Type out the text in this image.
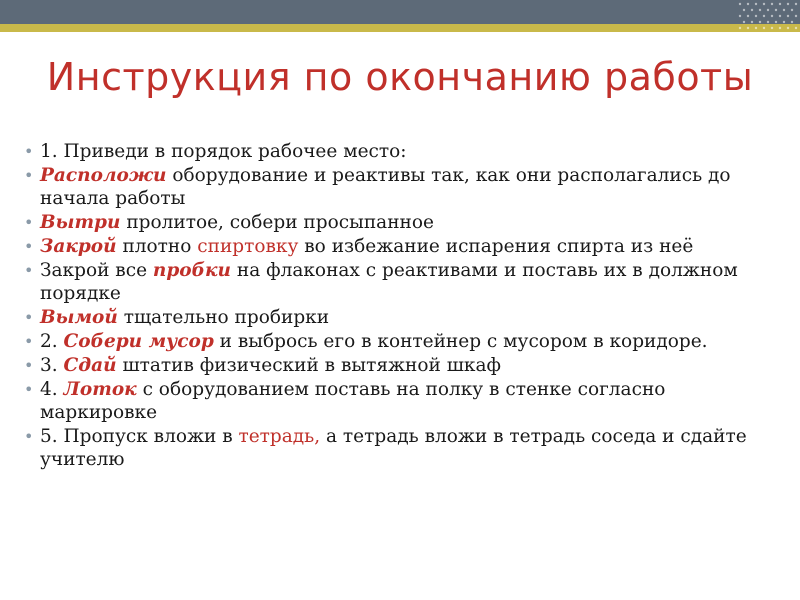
Инструкция по окончанию работы
• 1. Приведи в порядок рабочее место:
• Расположи оборудование и реактивы так, как они располагались до начала работы
• Вытри пролитое, собери просыпанное
• Закрой плотно спиртовку во избежание испарения спирта из неё
• Закрой все пробки на флаконах с реактивами и поставь их в должном порядке
• Вымой тщательно пробирки
• 2. Собери мусор и выбрось его в контейнер с мусором в коридоре.
• 3. Сдай штатив физический в вытяжной шкаф
• 4. Лоток с оборудованием поставь на полку в стенке согласно маркировке
• 5. Пропуск вложи в тетрадь, а тетрадь вложи в тетрадь соседа и сдайте учителю
